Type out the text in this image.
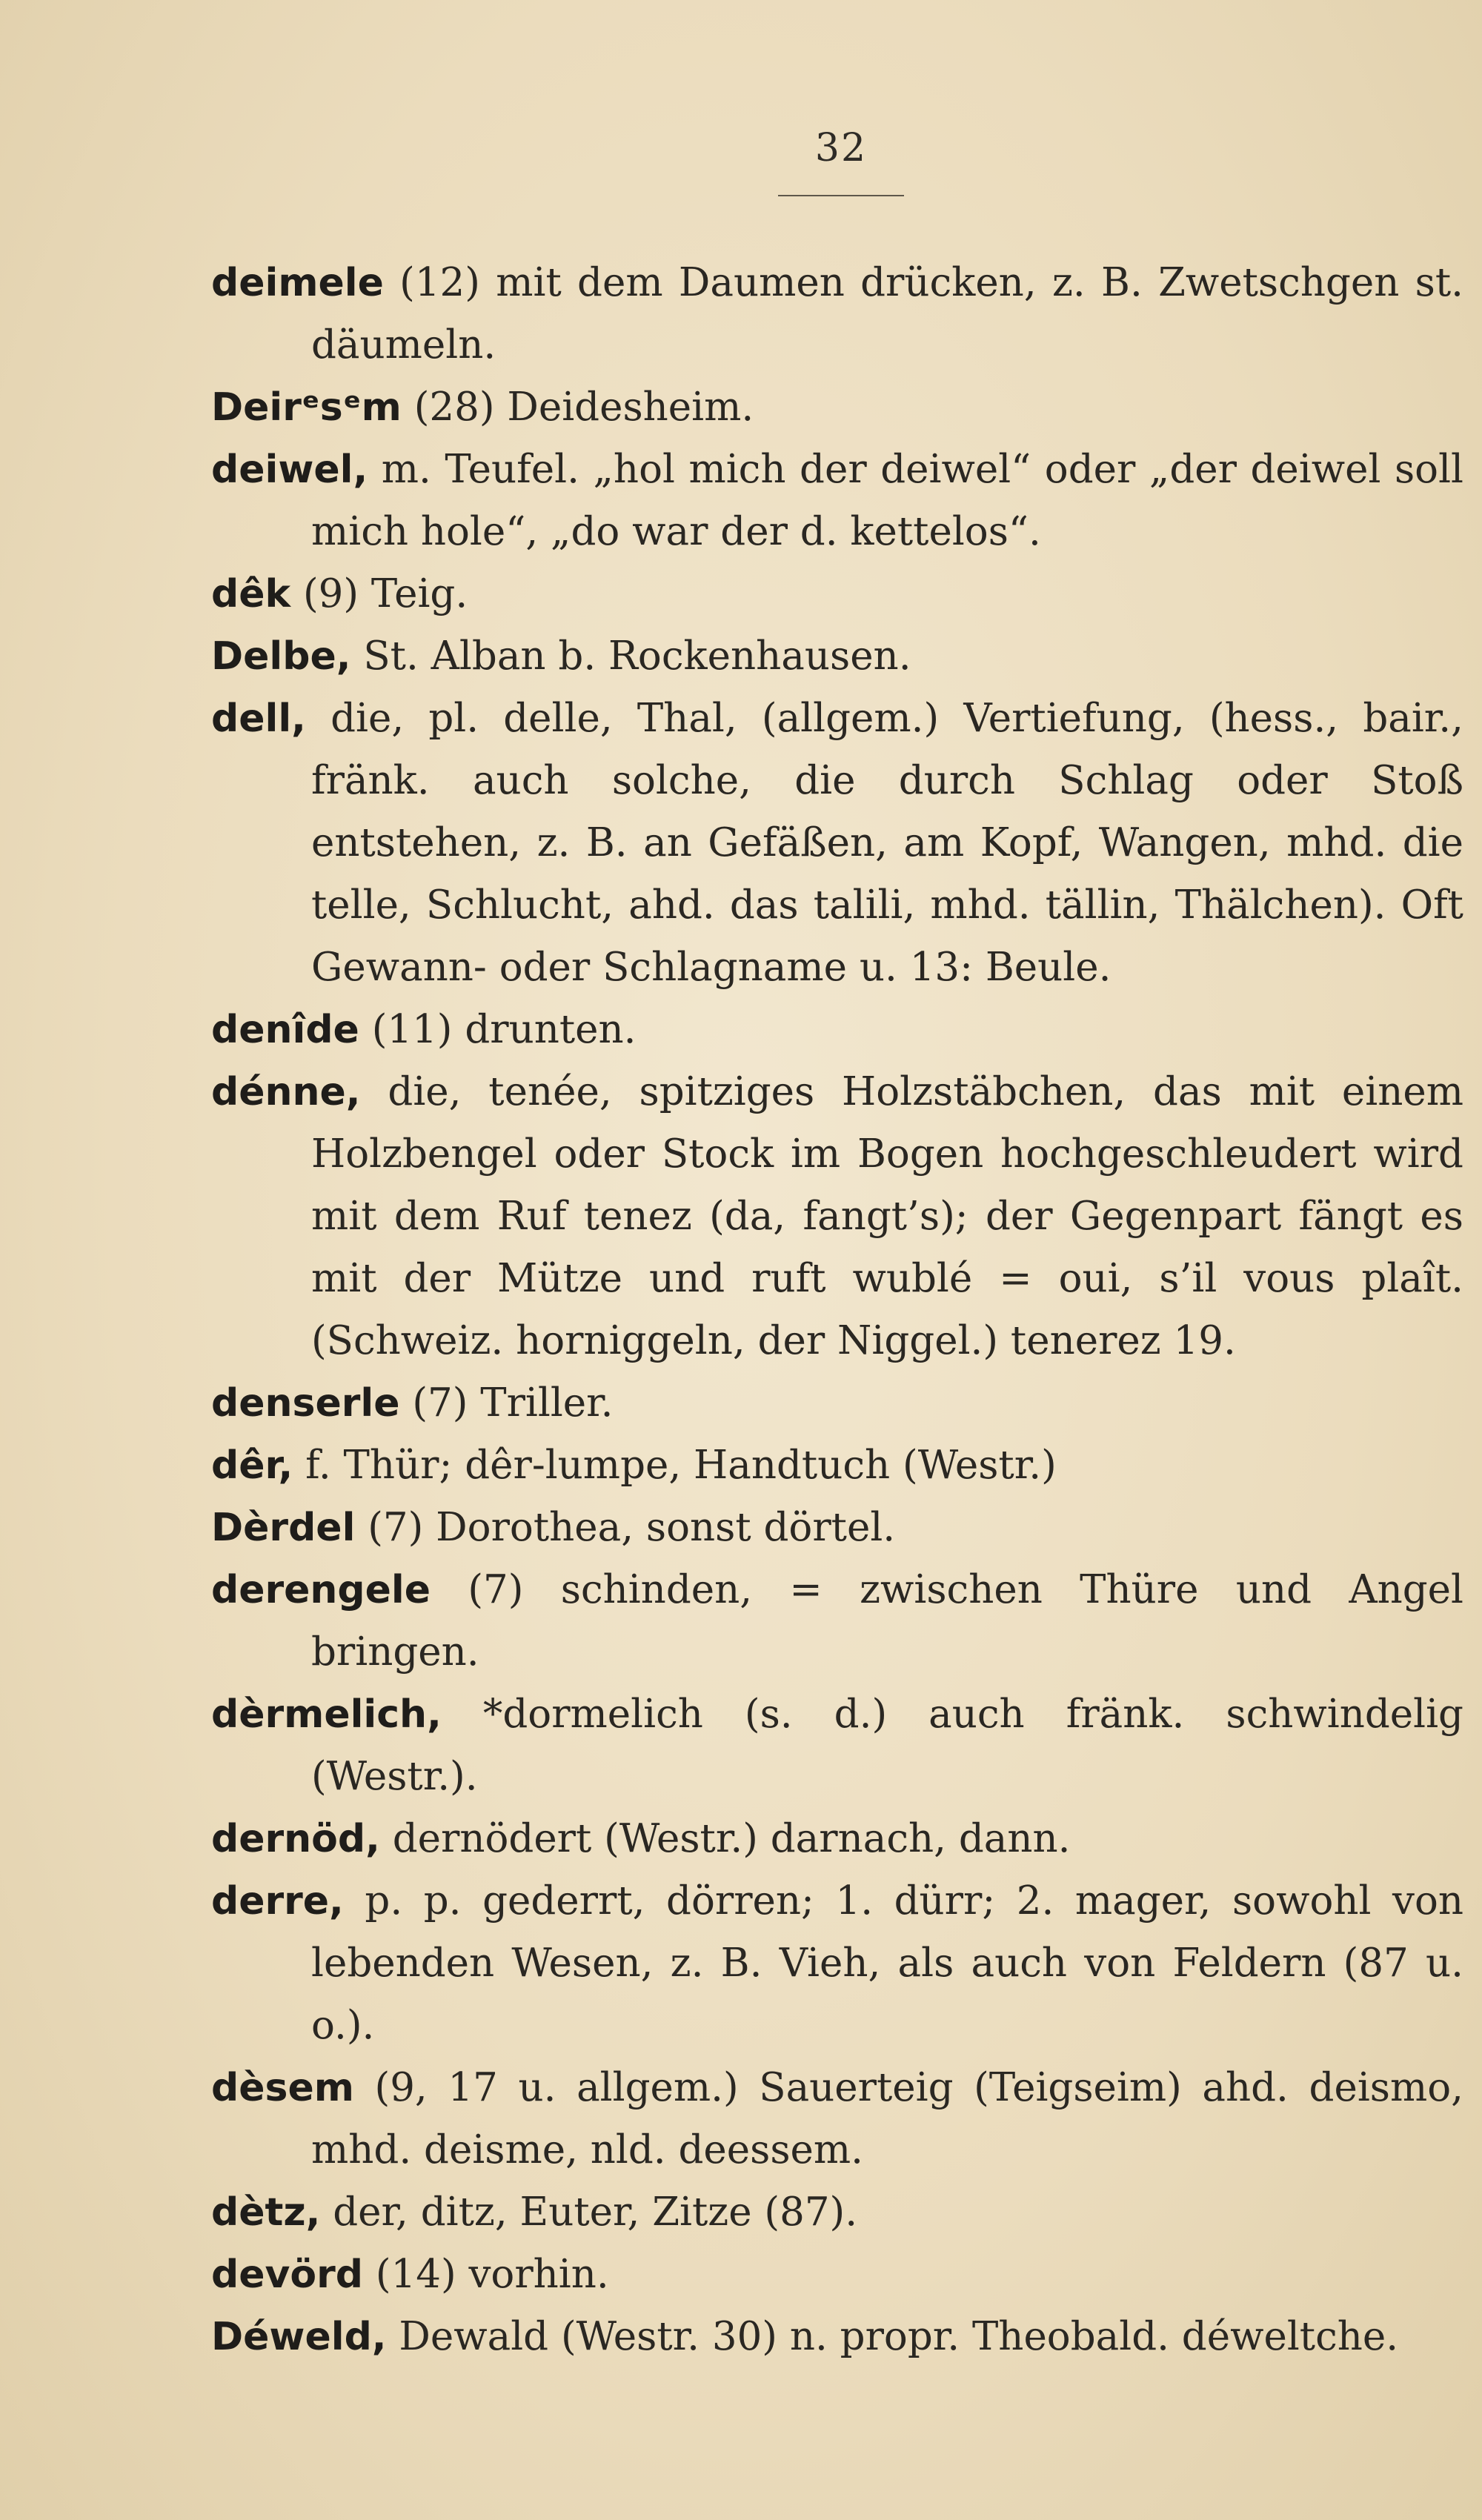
32

deimele (12) mit dem Daumen drücken, z. B. Zwetschgen st. däumeln.

Deirᵉsᵉm (28) Deidesheim.

deiwel, m. Teufel. „hol mich der deiwel“ oder „der deiwel soll mich hole“, „do war der d. kettelos“.

dêk (9) Teig.

Delbe, St. Alban b. Rockenhausen.

dell, die, pl. delle, Thal, (allgem.) Vertiefung, (hess., bair., fränk. auch solche, die durch Schlag oder Stoß entstehen, z. B. an Gefäßen, am Kopf, Wangen, mhd. die telle, Schlucht, ahd. das talili, mhd. tällin, Thälchen). Oft Gewann- oder Schlagname u. 13: Beule.

denîde (11) drunten.

dénne, die, tenée, spitziges Holzstäbchen, das mit einem Holzbengel oder Stock im Bogen hochgeschleudert wird mit dem Ruf tenez (da, fangt’s); der Gegenpart fängt es mit der Mütze und ruft wublé = oui, s’il vous plaît. (Schweiz. horniggeln, der Niggel.) tenerez 19.

denserle (7) Triller.

dêr, f. Thür; dêr-lumpe, Handtuch (Westr.)

Dèrdel (7) Dorothea, sonst dörtel.

derengele (7) schinden, = zwischen Thüre und Angel bringen.

dèrmelich, *dormelich (s. d.) auch fränk. schwindelig (Westr.).

dernöd, dernödert (Westr.) darnach, dann.

derre, p. p. gederrt, dörren; 1. dürr; 2. mager, sowohl von lebenden Wesen, z. B. Vieh, als auch von Feldern (87 u. o.).

dèsem (9, 17 u. allgem.) Sauerteig (Teigseim) ahd. deismo, mhd. deisme, nld. deessem.

dètz, der, ditz, Euter, Zitze (87).

devörd (14) vorhin.

Déweld, Dewald (Westr. 30) n. propr. Theobald. déweltche.
